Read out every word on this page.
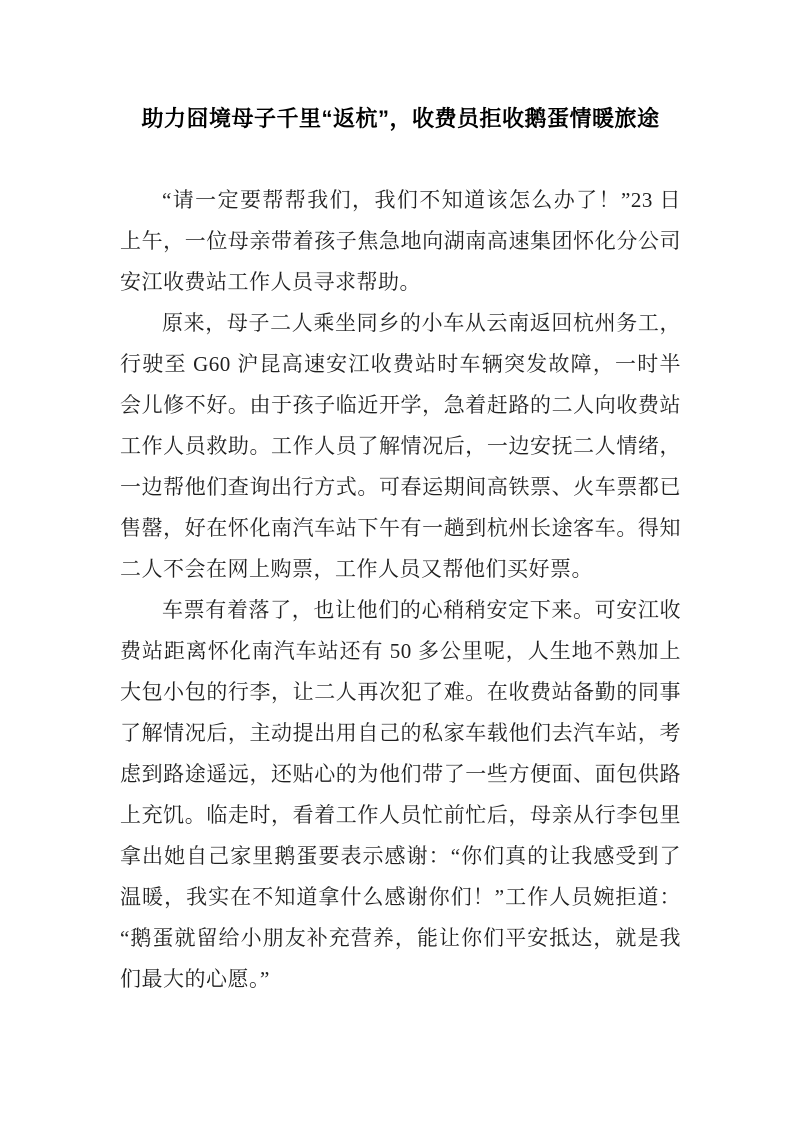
助力囧境母子千里“返杭”，收费员拒收鹅蛋情暖旅途

“请一定要帮帮我们，我们不知道该怎么办了！”23 日上午，一位母亲带着孩子焦急地向湖南高速集团怀化分公司安江收费站工作人员寻求帮助。

原来，母子二人乘坐同乡的小车从云南返回杭州务工，行驶至 G60 沪昆高速安江收费站时车辆突发故障，一时半会儿修不好。由于孩子临近开学，急着赶路的二人向收费站工作人员救助。工作人员了解情况后，一边安抚二人情绪，一边帮他们查询出行方式。可春运期间高铁票、火车票都已售罄，好在怀化南汽车站下午有一趟到杭州长途客车。得知二人不会在网上购票，工作人员又帮他们买好票。

车票有着落了，也让他们的心稍稍安定下来。可安江收费站距离怀化南汽车站还有 50 多公里呢，人生地不熟加上大包小包的行李，让二人再次犯了难。在收费站备勤的同事了解情况后，主动提出用自己的私家车载他们去汽车站，考虑到路途遥远，还贴心的为他们带了一些方便面、面包供路上充饥。临走时，看着工作人员忙前忙后，母亲从行李包里拿出她自己家里鹅蛋要表示感谢：“你们真的让我感受到了温暖，我实在不知道拿什么感谢你们！”工作人员婉拒道：“鹅蛋就留给小朋友补充营养，能让你们平安抵达，就是我们最大的心愿。”
